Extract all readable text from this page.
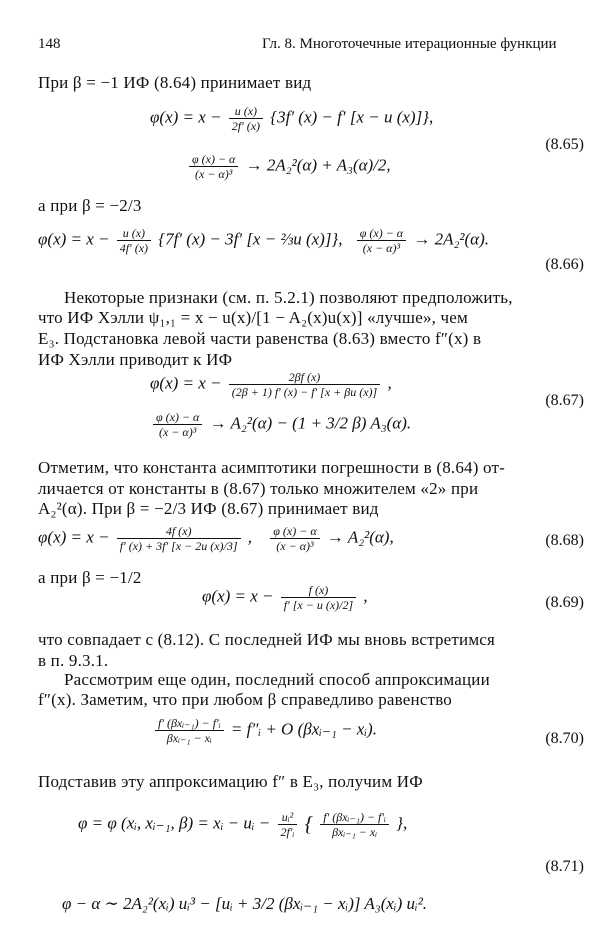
148	Гл. 8. Многоточечные итерационные функции
При β = −1 ИФ (8.64) принимает вид
$\varphi(x) = x - \frac{u (x)}{2f' (x)} \{3f'$ (x) − f′ [x − u (x)]},
$\frac{\varphi (x) - \alpha}{\text{(x − α)³}} \to 2A_2^2(\alpha) + A_3(\alpha)/2$,
(8.65)
а при β = −2/3
$\varphi(x) = x - \frac{u (x)}{4f' (x)} \{7f'$ (x) − 3f′ [x − ⅔u (x)]}, $\frac{\varphi (x) - \alpha}{\text{(x − α)³}} \to 2A_2^2(\alpha)$.
(8.66)
Некоторые признаки (см. п. 5.2.1) позволяют предположить,
что ИФ Хэлли ψ₁,₁ = x − u(x)/[1 − A₂(x)u(x)] «лучше», чем
E₃. Подстановка левой части равенства (8.63) вместо f″(x) в
ИФ Хэлли приводит к ИФ
$\varphi(x) = x - \frac{2\beta f (x)}{(2\beta + 1) f' (x) - f' [x + \beta u (x)]}$ ,
$\frac{\varphi (x) - \alpha}{\text{(x − α)³}} \to A_2^2(\alpha) - (1 + 3/2$ β) A₃(α).
(8.67)
Отметим, что константа асимптотики погрешности в (8.64) от-
личается от константы в (8.67) только множителем «2» при
A₂²(α). При β = −2/3 ИФ (8.67) принимает вид
$\varphi(x) = x - \frac{4f (x)}{f' (x) + 3f' [x - 2u (x)/3]}$ , $\frac{\varphi (x) - \alpha}{\text{(x − α)³}} \to A_2^2(\alpha)$,	(8.68)
а при β = −1/2
$\varphi(x) = x - \frac{f (x)}{f' [x - u (x)/2]}$ ,	(8.69)
что совпадает с (8.12). С последней ИФ мы вновь встретимся
в п. 9.3.1.
Рассмотрим еще один, последний способ аппроксимации
f″(x). Заметим, что при любом β справедливо равенство
$\frac{\text{f′ (βxᵢ₋₁) − f′ᵢ}}{\text{βxᵢ₋₁ − xᵢ}}$ = f″ᵢ + O (βxᵢ₋₁ − xᵢ).
(8.70)
Подставив эту аппроксимацию f″ в E₃, получим ИФ
φ = φ (xᵢ, xᵢ₋₁, β) = xᵢ − uᵢ − $\frac{\text{uᵢ²}}{\text{2f′ᵢ}}$ { $\frac{\text{f′ (βxᵢ₋₁) − f′ᵢ}}{\text{βxᵢ₋₁ − xᵢ}}$ },
(8.71)
φ − α ∼ 2A₂²(xᵢ) uᵢ³ − [uᵢ + 3/2 (βxᵢ₋₁ − xᵢ)] A₃(xᵢ) uᵢ².
